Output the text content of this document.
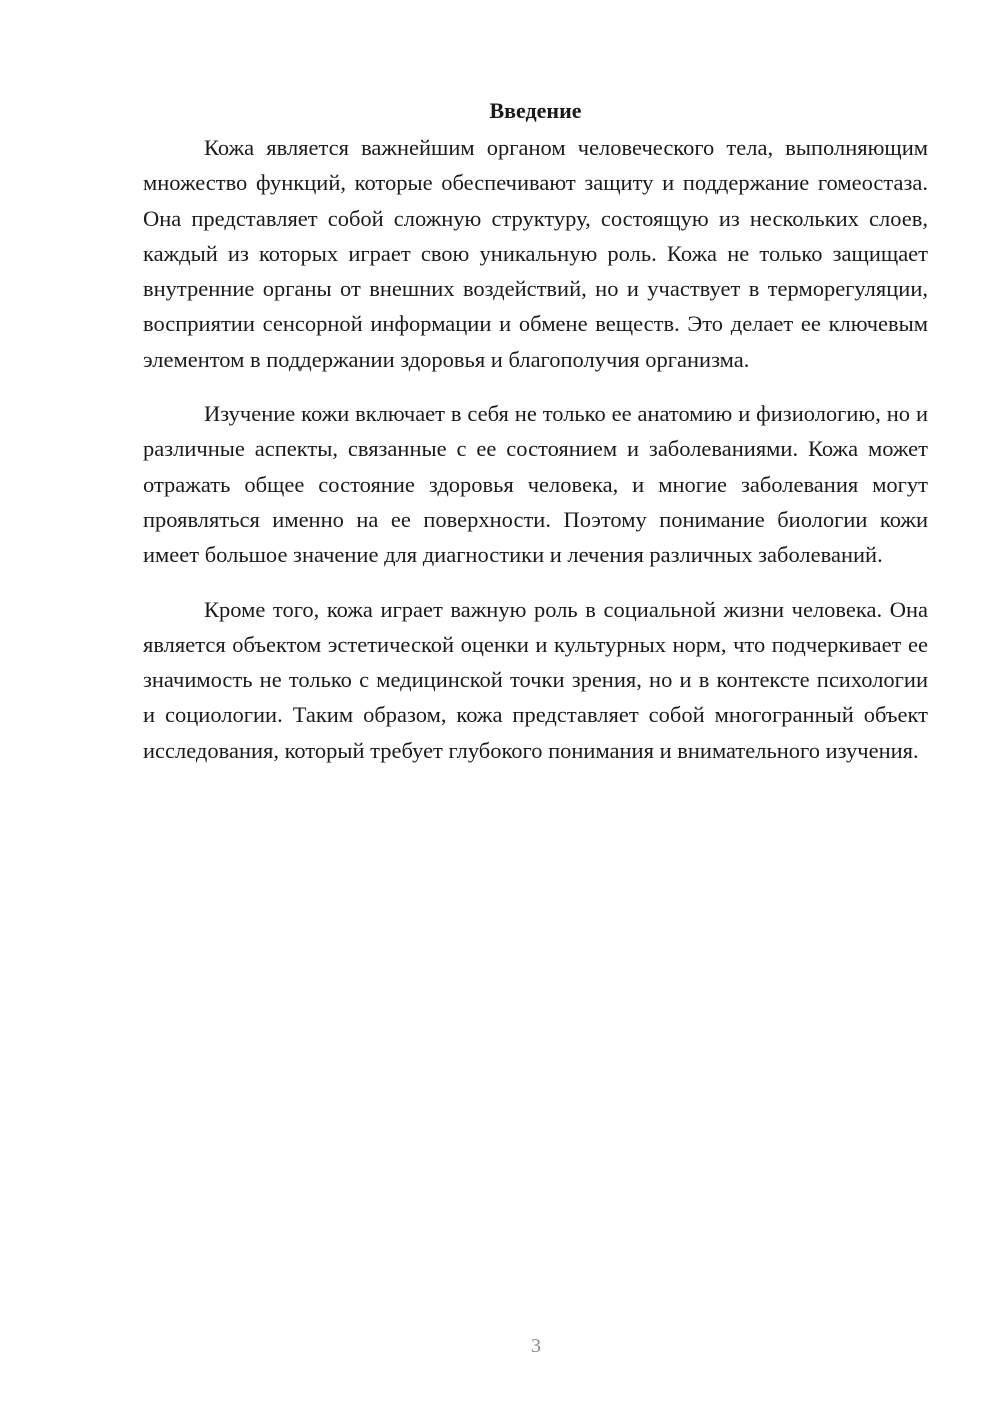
Введение

Кожа является важнейшим органом человеческого тела, выполняющим множество функций, которые обеспечивают защиту и поддержание гомеостаза. Она представляет собой сложную структуру, состоящую из нескольких слоев, каждый из которых играет свою уникальную роль. Кожа не только защищает внутренние органы от внешних воздействий, но и участвует в терморегуляции, восприятии сенсорной информации и обмене веществ. Это делает ее ключевым элементом в поддержании здоровья и благополучия организма.

Изучение кожи включает в себя не только ее анатомию и физиологию, но и различные аспекты, связанные с ее состоянием и заболеваниями. Кожа может отражать общее состояние здоровья человека, и многие заболевания могут проявляться именно на ее поверхности. Поэтому понимание биологии кожи имеет большое значение для диагностики и лечения различных заболеваний.

Кроме того, кожа играет важную роль в социальной жизни человека. Она является объектом эстетической оценки и культурных норм, что подчеркивает ее значимость не только с медицинской точки зрения, но и в контексте психологии и социологии. Таким образом, кожа представляет собой многогранный объект исследования, который требует глубокого понимания и внимательного изучения.

3
